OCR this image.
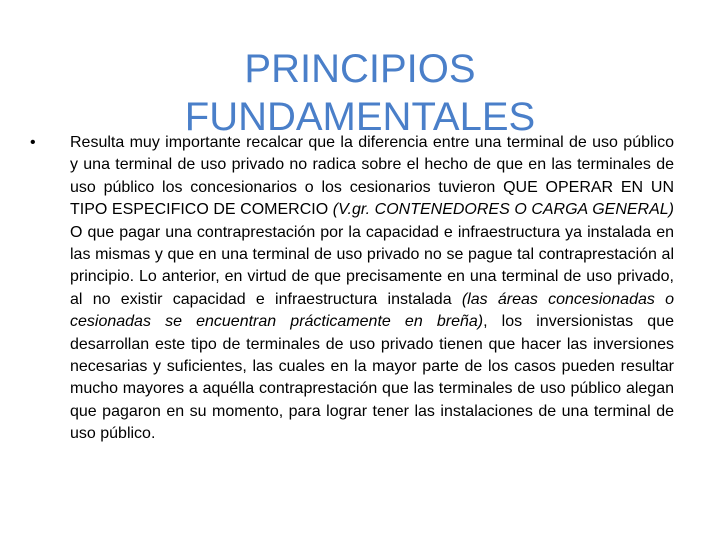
PRINCIPIOS
FUNDAMENTALES
•	Resulta muy importante recalcar que la diferencia entre una terminal de uso público y una terminal de uso privado no radica sobre el hecho de que en las terminales de uso público los concesionarios o los cesionarios tuvieron QUE OPERAR EN UN TIPO ESPECIFICO DE COMERCIO (V.gr. CONTENEDORES O CARGA GENERAL) O que pagar una contraprestación por la capacidad e infraestructura ya instalada en las mismas y que en una terminal de uso privado no se pague tal contraprestación al principio. Lo anterior, en virtud de que precisamente en una terminal de uso privado, al no existir capacidad e infraestructura instalada (las áreas concesionadas o cesionadas se encuentran prácticamente en breña), los inversionistas que desarrollan este tipo de terminales de uso privado tienen que hacer las inversiones necesarias y suficientes, las cuales en la mayor parte de los casos pueden resultar mucho mayores a aquélla contraprestación que las terminales de uso público alegan que pagaron en su momento, para lograr tener las instalaciones de una terminal de uso público.
